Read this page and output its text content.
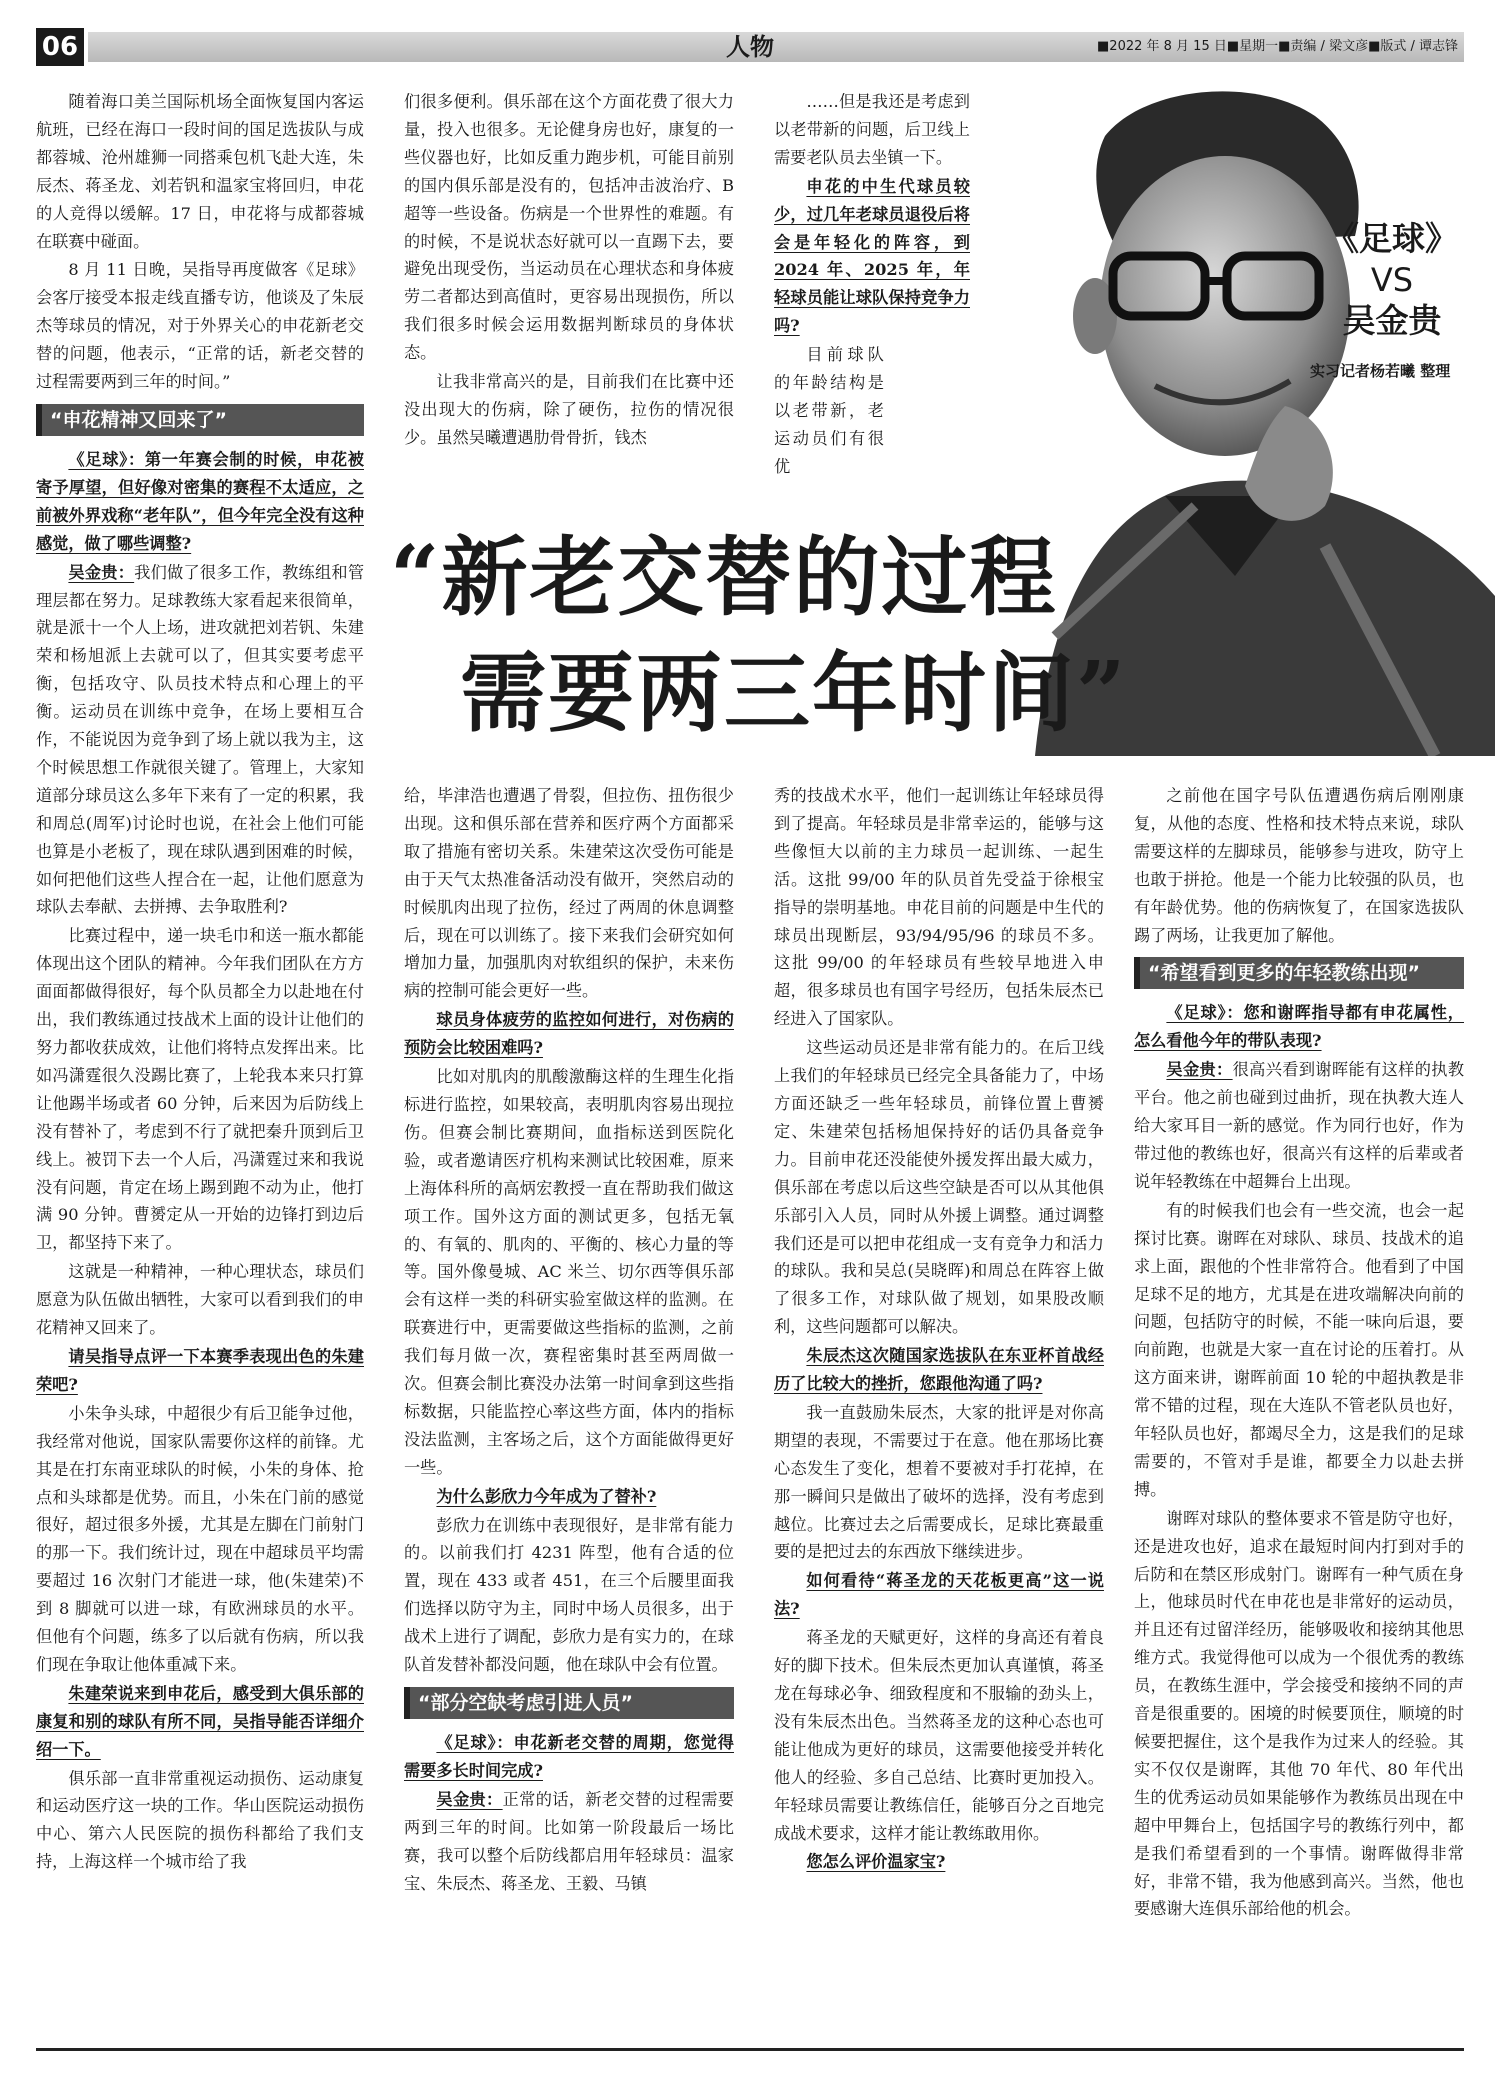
06	人物	■2022 年 8 月 15 日■星期一■责编 / 梁文彦■版式 / 谭志锋
《足球》
VS
吴金贵
实习记者杨若曦 整理
“新老交替的过程
需要两三年时间”

随着海口美兰国际机场全面恢复国内客运航班，已经在海口一段时间的国足选拔队与成都蓉城、沧州雄狮一同搭乘包机飞赴大连，朱辰杰、蒋圣龙、刘若钒和温家宝将回归，申花的人竞得以缓解。17 日，申花将与成都蓉城在联赛中碰面。

8 月 11 日晚，吴指导再度做客《足球》会客厅接受本报走线直播专访，他谈及了朱辰杰等球员的情况，对于外界关心的申花新老交替的问题，他表示，“正常的话，新老交替的过程需要两到三年的时间。”

“申花精神又回来了”

《足球》：第一年赛会制的时候，申花被寄予厚望，但好像对密集的赛程不太适应，之前被外界戏称“老年队”，但今年完全没有这种感觉，做了哪些调整?

吴金贵：我们做了很多工作，教练组和管理层都在努力。足球教练大家看起来很简单，就是派十一个人上场，进攻就把刘若钒、朱建荣和杨旭派上去就可以了，但其实要考虑平衡，包括攻守、队员技术特点和心理上的平衡。运动员在训练中竞争，在场上要相互合作，不能说因为竞争到了场上就以我为主，这个时候思想工作就很关键了。管理上，大家知道部分球员这么多年下来有了一定的积累，我和周总(周军)讨论时也说，在社会上他们可能也算是小老板了，现在球队遇到困难的时候，如何把他们这些人捏合在一起，让他们愿意为球队去奉献、去拼搏、去争取胜利?

比赛过程中，递一块毛巾和送一瓶水都能体现出这个团队的精神。今年我们团队在方方面面都做得很好，每个队员都全力以赴地在付出，我们教练通过技战术上面的设计让他们的努力都收获成效，让他们将特点发挥出来。比如冯潇霆很久没踢比赛了，上轮我本来只打算让他踢半场或者 60 分钟，后来因为后防线上没有替补了，考虑到不行了就把秦升顶到后卫线上。被罚下去一个人后，冯潇霆过来和我说没有问题，肯定在场上踢到跑不动为止，他打满 90 分钟。曹赟定从一开始的边锋打到边后卫，都坚持下来了。

这就是一种精神，一种心理状态，球员们愿意为队伍做出牺牲，大家可以看到我们的申花精神又回来了。

请吴指导点评一下本赛季表现出色的朱建荣吧?

小朱争头球，中超很少有后卫能争过他，我经常对他说，国家队需要你这样的前锋。尤其是在打东南亚球队的时候，小朱的身体、抢点和头球都是优势。而且，小朱在门前的感觉很好，超过很多外援，尤其是左脚在门前射门的那一下。我们统计过，现在中超球员平均需要超过 16 次射门才能进一球，他(朱建荣)不到 8 脚就可以进一球，有欧洲球员的水平。但他有个问题，练多了以后就有伤病，所以我们现在争取让他体重减下来。

朱建荣说来到申花后，感受到大俱乐部的康复和别的球队有所不同，吴指导能否详细介绍一下。

俱乐部一直非常重视运动损伤、运动康复和运动医疗这一块的工作。华山医院运动损伤中心、第六人民医院的损伤科都给了我们支持，上海这样一个城市给了我

们很多便利。俱乐部在这个方面花费了很大力量，投入也很多。无论健身房也好，康复的一些仪器也好，比如反重力跑步机，可能目前别的国内俱乐部是没有的，包括冲击波治疗、B 超等一些设备。伤病是一个世界性的难题。有的时候，不是说状态好就可以一直踢下去，要避免出现受伤，当运动员在心理状态和身体疲劳二者都达到高值时，更容易出现损伤，所以我们很多时候会运用数据判断球员的身体状态。

让我非常高兴的是，目前我们在比赛中还没出现大的伤病，除了硬伤，拉伤的情况很少。虽然吴曦遭遇肋骨骨折，钱杰

……但是我还是考虑到以老带新的问题，后卫线上需要老队员去坐镇一下。

申花的中生代球员较少，过几年老球员退役后将会是年轻化的阵容，到 2024 年、2025 年，年轻球员能让球队保持竞争力吗?

目前球队的年龄结构是以老带新，老运动员们有很优

给，毕津浩也遭遇了骨裂，但拉伤、扭伤很少出现。这和俱乐部在营养和医疗两个方面都采取了措施有密切关系。朱建荣这次受伤可能是由于天气太热准备活动没有做开，突然启动的时候肌肉出现了拉伤，经过了两周的休息调整后，现在可以训练了。接下来我们会研究如何增加力量，加强肌肉对软组织的保护，未来伤病的控制可能会更好一些。

球员身体疲劳的监控如何进行，对伤病的预防会比较困难吗?

比如对肌肉的肌酸激酶这样的生理生化指标进行监控，如果较高，表明肌肉容易出现拉伤。但赛会制比赛期间，血指标送到医院化验，或者邀请医疗机构来测试比较困难，原来上海体科所的高炳宏教授一直在帮助我们做这项工作。国外这方面的测试更多，包括无氧的、有氧的、肌肉的、平衡的、核心力量的等等。国外像曼城、AC 米兰、切尔西等俱乐部会有这样一类的科研实验室做这样的监测。在联赛进行中，更需要做这些指标的监测，之前我们每月做一次，赛程密集时甚至两周做一次。但赛会制比赛没办法第一时间拿到这些指标数据，只能监控心率这些方面，体内的指标没法监测，主客场之后，这个方面能做得更好一些。

为什么彭欣力今年成为了替补?

彭欣力在训练中表现很好，是非常有能力的。以前我们打 4231 阵型，他有合适的位置，现在 433 或者 451，在三个后腰里面我们选择以防守为主，同时中场人员很多，出于战术上进行了调配，彭欣力是有实力的，在球队首发替补都没问题，他在球队中会有位置。

“部分空缺考虑引进人员”

《足球》：申花新老交替的周期，您觉得需要多长时间完成?

吴金贵：正常的话，新老交替的过程需要两到三年的时间。比如第一阶段最后一场比赛，我可以整个后防线都启用年轻球员：温家宝、朱辰杰、蒋圣龙、王毅、马镇

秀的技战术水平，他们一起训练让年轻球员得到了提高。年轻球员是非常幸运的，能够与这些像恒大以前的主力球员一起训练、一起生活。这批 99/00 年的队员首先受益于徐根宝指导的崇明基地。申花目前的问题是中生代的球员出现断层，93/94/95/96 的球员不多。这批 99/00 的年轻球员有些较早地进入申超，很多球员也有国字号经历，包括朱辰杰已经进入了国家队。

这些运动员还是非常有能力的。在后卫线上我们的年轻球员已经完全具备能力了，中场方面还缺乏一些年轻球员，前锋位置上曹赟定、朱建荣包括杨旭保持好的话仍具备竞争力。目前申花还没能使外援发挥出最大威力，俱乐部在考虑以后这些空缺是否可以从其他俱乐部引入人员，同时从外援上调整。通过调整我们还是可以把申花组成一支有竞争力和活力的球队。我和吴总(吴晓晖)和周总在阵容上做了很多工作，对球队做了规划，如果股改顺利，这些问题都可以解决。

朱辰杰这次随国家选拔队在东亚杯首战经历了比较大的挫折，您跟他沟通了吗?

我一直鼓励朱辰杰，大家的批评是对你高期望的表现，不需要过于在意。他在那场比赛心态发生了变化，想着不要被对手打花掉，在那一瞬间只是做出了破坏的选择，没有考虑到越位。比赛过去之后需要成长，足球比赛最重要的是把过去的东西放下继续进步。

如何看待“蒋圣龙的天花板更高”这一说法?

蒋圣龙的天赋更好，这样的身高还有着良好的脚下技术。但朱辰杰更加认真谨慎，蒋圣龙在每球必争、细致程度和不服输的劲头上，没有朱辰杰出色。当然蒋圣龙的这种心态也可能让他成为更好的球员，这需要他接受并转化他人的经验、多自己总结、比赛时更加投入。年轻球员需要让教练信任，能够百分之百地完成战术要求，这样才能让教练敢用你。

您怎么评价温家宝?

之前他在国字号队伍遭遇伤病后刚刚康复，从他的态度、性格和技术特点来说，球队需要这样的左脚球员，能够参与进攻，防守上也敢于拼抢。他是一个能力比较强的队员，也有年龄优势。他的伤病恢复了，在国家选拔队踢了两场，让我更加了解他。

“希望看到更多的年轻教练出现”

《足球》：您和谢晖指导都有申花属性，怎么看他今年的带队表现?

吴金贵：很高兴看到谢晖能有这样的执教平台。他之前也碰到过曲折，现在执教大连人给大家耳目一新的感觉。作为同行也好，作为带过他的教练也好，很高兴有这样的后辈或者说年轻教练在中超舞台上出现。

有的时候我们也会有一些交流，也会一起探讨比赛。谢晖在对球队、球员、技战术的追求上面，跟他的个性非常符合。他看到了中国足球不足的地方，尤其是在进攻端解决向前的问题，包括防守的时候，不能一味向后退，要向前跑，也就是大家一直在讨论的压着打。从这方面来讲，谢晖前面 10 轮的中超执教是非常不错的过程，现在大连队不管老队员也好，年轻队员也好，都竭尽全力，这是我们的足球需要的，不管对手是谁，都要全力以赴去拼搏。

谢晖对球队的整体要求不管是防守也好，还是进攻也好，追求在最短时间内打到对手的后防和在禁区形成射门。谢晖有一种气质在身上，他球员时代在申花也是非常好的运动员，并且还有过留洋经历，能够吸收和接纳其他思维方式。我觉得他可以成为一个很优秀的教练员，在教练生涯中，学会接受和接纳不同的声音是很重要的。困境的时候要顶住，顺境的时候要把握住，这个是我作为过来人的经验。其实不仅仅是谢晖，其他 70 年代、80 年代出生的优秀运动员如果能够作为教练员出现在中超中甲舞台上，包括国字号的教练行列中，都是我们希望看到的一个事情。谢晖做得非常好，非常不错，我为他感到高兴。当然，他也要感谢大连俱乐部给他的机会。
